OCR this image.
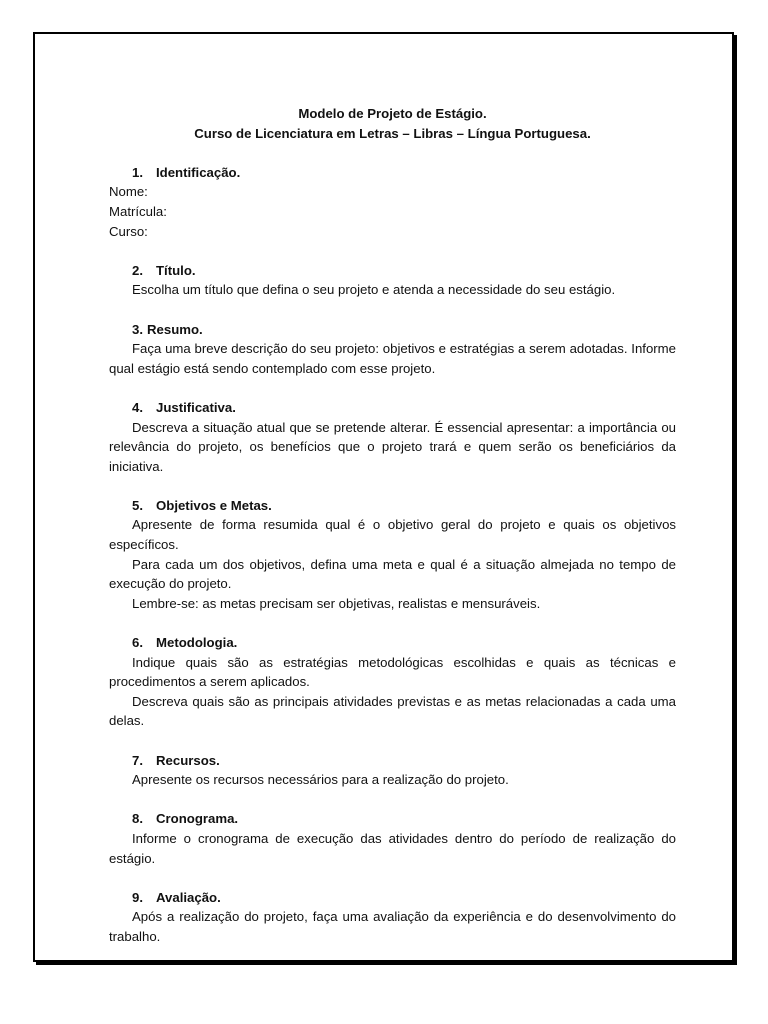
Modelo de Projeto de Estágio.

Curso de Licenciatura em Letras – Libras – Língua Portuguesa.

1. Identificação.

Nome:

Matrícula:

Curso:

2. Título.

Escolha um título que defina o seu projeto e atenda a necessidade do seu estágio.

3. Resumo.

Faça uma breve descrição do seu projeto: objetivos e estratégias a serem adotadas. Informe qual estágio está sendo contemplado com esse projeto.

4. Justificativa.

Descreva a situação atual que se pretende alterar. É essencial apresentar: a importância ou relevância do projeto, os benefícios que o projeto trará e quem serão os beneficiários da iniciativa.

5. Objetivos e Metas.

Apresente de forma resumida qual é o objetivo geral do projeto e quais os objetivos específicos.

Para cada um dos objetivos, defina uma meta e qual é a situação almejada no tempo de execução do projeto.

Lembre-se: as metas precisam ser objetivas, realistas e mensuráveis.

6. Metodologia.

Indique quais são as estratégias metodológicas escolhidas e quais as técnicas e procedimentos a serem aplicados.

Descreva quais são as principais atividades previstas e as metas relacionadas a cada uma delas.

7. Recursos.

Apresente os recursos necessários para a realização do projeto.

8. Cronograma.

Informe o cronograma de execução das atividades dentro do período de realização do estágio.

9. Avaliação.

Após a realização do projeto, faça uma avaliação da experiência e do desenvolvimento do trabalho.
